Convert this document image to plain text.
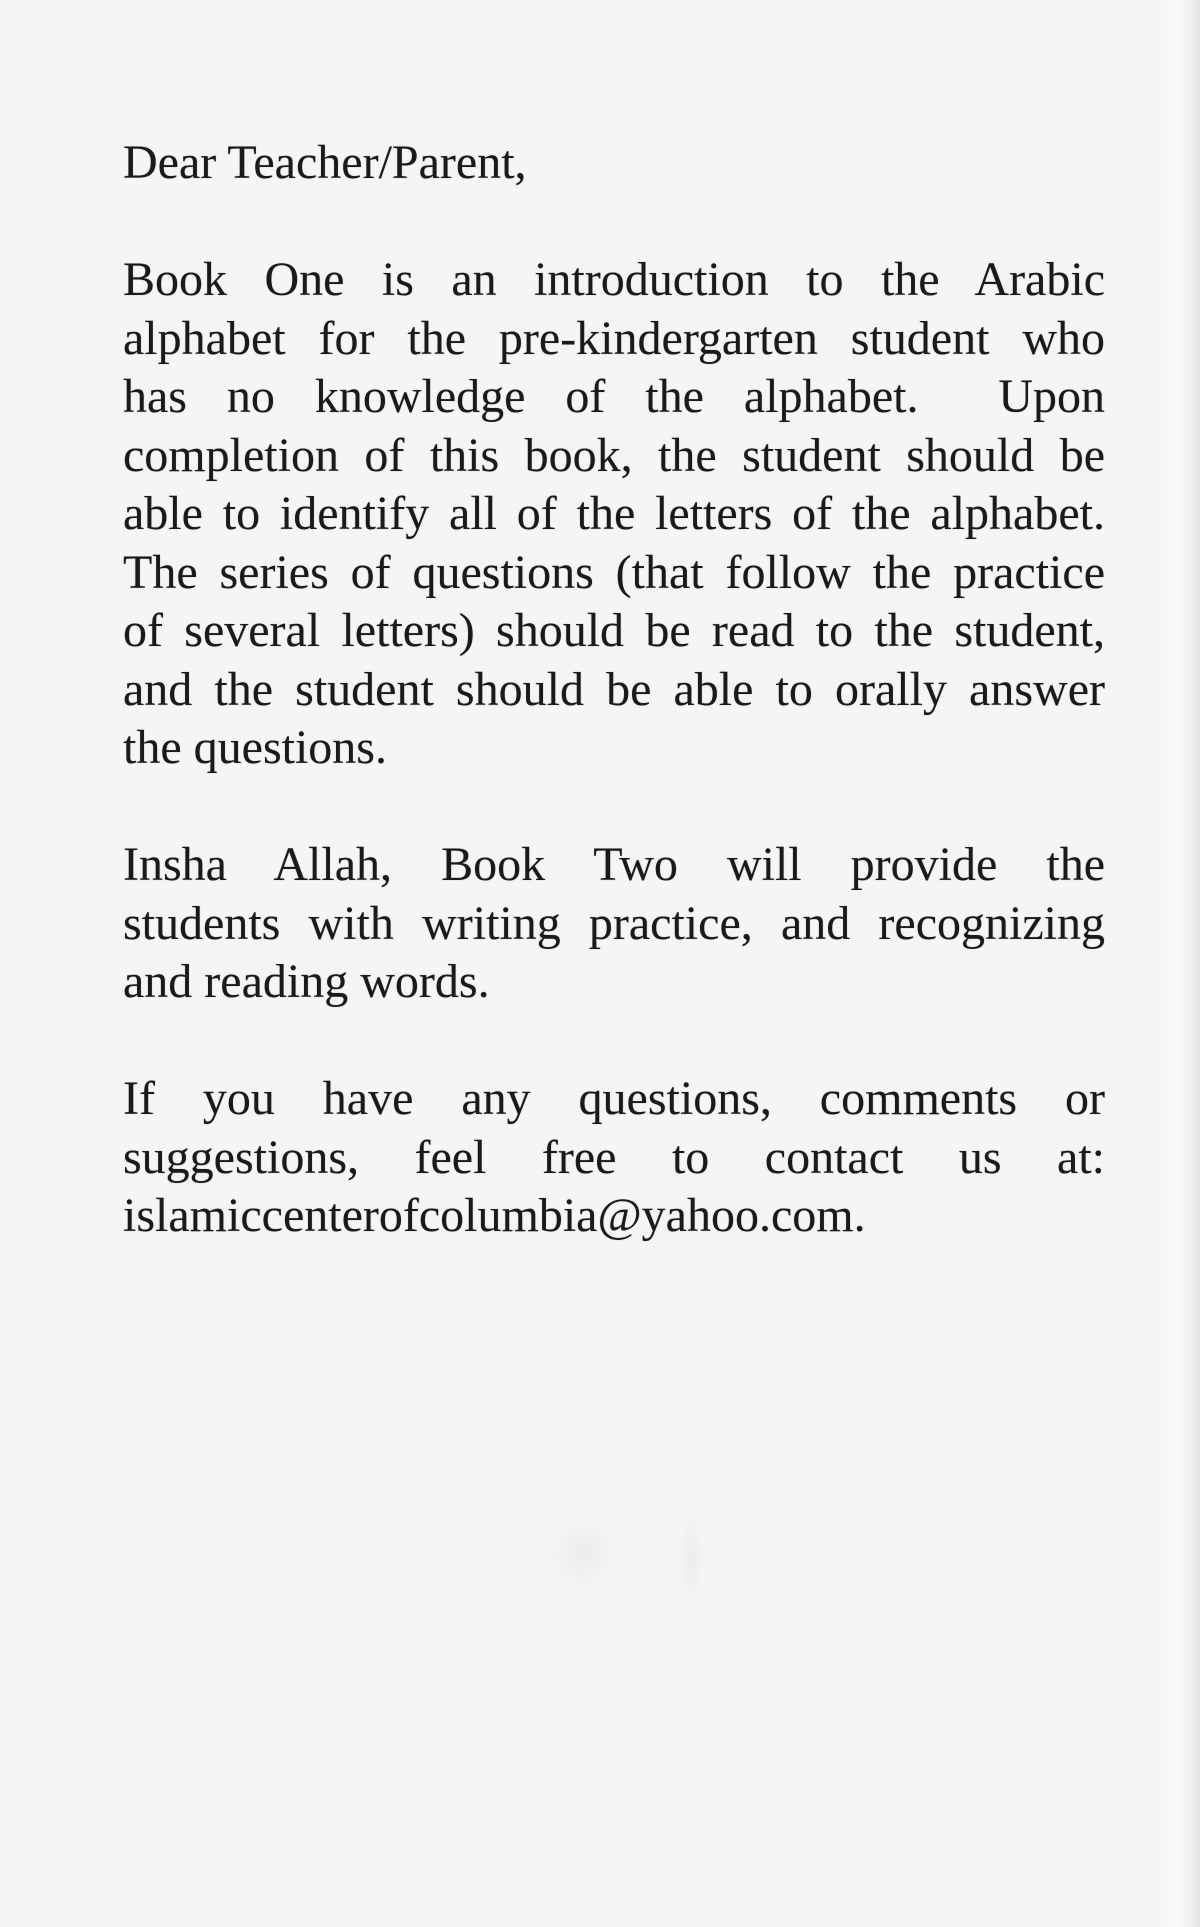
Dear Teacher/Parent,
Book One is an introduction to the Arabic
alphabet for the pre-kindergarten student who
has no knowledge of the alphabet.  Upon
completion of this book, the student should be
able to identify all of the letters of the alphabet.
The series of questions (that follow the practice
of several letters) should be read to the student,
and the student should be able to orally answer
the questions.
Insha Allah, Book Two will provide the
students with writing practice, and recognizing
and reading words.
If you have any questions, comments or
suggestions, feel free to contact us at:
islamiccenterofcolumbia@yahoo.com.
